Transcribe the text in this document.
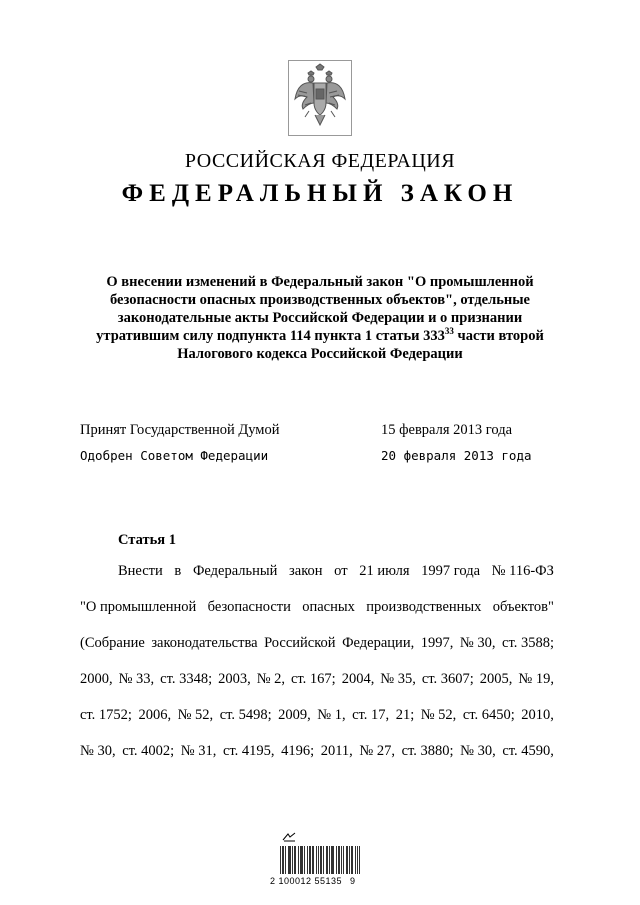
РОССИЙСКАЯ ФЕДЕРАЦИЯ
ФЕДЕРАЛЬНЫЙ ЗАКОН
О внесении изменений в Федеральный закон "О промышленной
безопасности опасных производственных объектов", отдельные
законодательные акты Российской Федерации и о признании
утратившим силу подпункта 114 пункта 1 статьи $333^{33}$ части второй
Налогового кодекса Российской Федерации
Принят Государственной Думой	15 февраля 2013 года
Одобрен Советом Федерации	20 февраля 2013 года
Статья 1
Внести в Федеральный закон от 21 июля 1997 года № 116-ФЗ
"О промышленной безопасности опасных производственных объектов"
(Собрание законодательства Российской Федерации, 1997, № 30, ст. 3588;
2000, № 33, ст. 3348; 2003, № 2, ст. 167; 2004, № 35, ст. 3607; 2005, № 19,
ст. 1752; 2006, № 52, ст. 5498; 2009, № 1, ст. 17, 21; № 52, ст. 6450; 2010,
№ 30, ст. 4002; № 31, ст. 4195, 4196; 2011, № 27, ст. 3880; № 30, ст. 4590,
2 100012 55135 9
